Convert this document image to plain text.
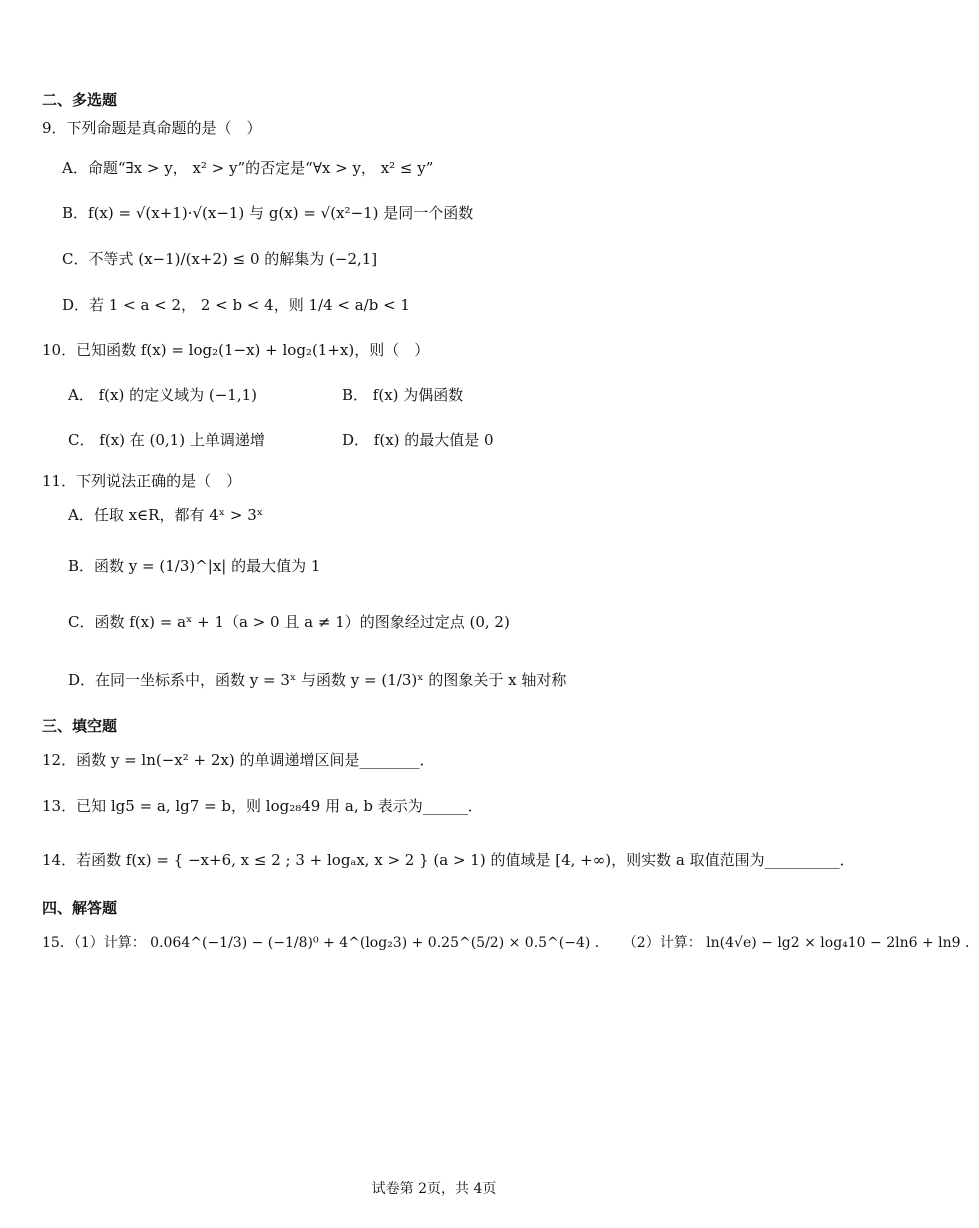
二、多选题
9．下列命题是真命题的是（　）
A．命题“∃x > y， x² > y”的否定是“∀x > y， x² ≤ y”
B．f(x) = √(x+1)·√(x−1) 与 g(x) = √(x²−1) 是同一个函数
C．不等式 (x−1)/(x+2) ≤ 0 的解集为 (−2,1]
D．若 1 < a < 2， 2 < b < 4，则 1/4 < a/b < 1
10．已知函数 f(x) = log₂(1−x) + log₂(1+x)，则（　）
A． f(x) 的定义域为 (−1,1)	B． f(x) 为偶函数
C． f(x) 在 (0,1) 上单调递增	D． f(x) 的最大值是 0
11．下列说法正确的是（　）
A．任取 x∈R，都有 4ˣ > 3ˣ
B．函数 y = (1/3)^|x| 的最大值为 1
C．函数 f(x) = aˣ + 1（a > 0 且 a ≠ 1）的图象经过定点 (0, 2)
D．在同一坐标系中，函数 y = 3ˣ 与函数 y = (1/3)ˣ 的图象关于 x 轴对称
三、填空题
12．函数 y = ln(−x² + 2x) 的单调递增区间是________．
13．已知 lg5 = a, lg7 = b，则 log₂₈49 用 a, b 表示为______．
14．若函数 f(x) = { −x+6, x ≤ 2 ; 3 + logₐx, x > 2 } (a > 1) 的值域是 [4, +∞)，则实数 a 取值范围为__________．
四、解答题
15．（1）计算： 0.064^(−1/3) − (−1/8)⁰ + 4^(log₂3) + 0.25^(5/2) × 0.5^(−4) ．　　（2）计算： ln(4√e) − lg2 × log₄10 − 2ln6 + ln9 ．
试卷第 2页，共 4页
